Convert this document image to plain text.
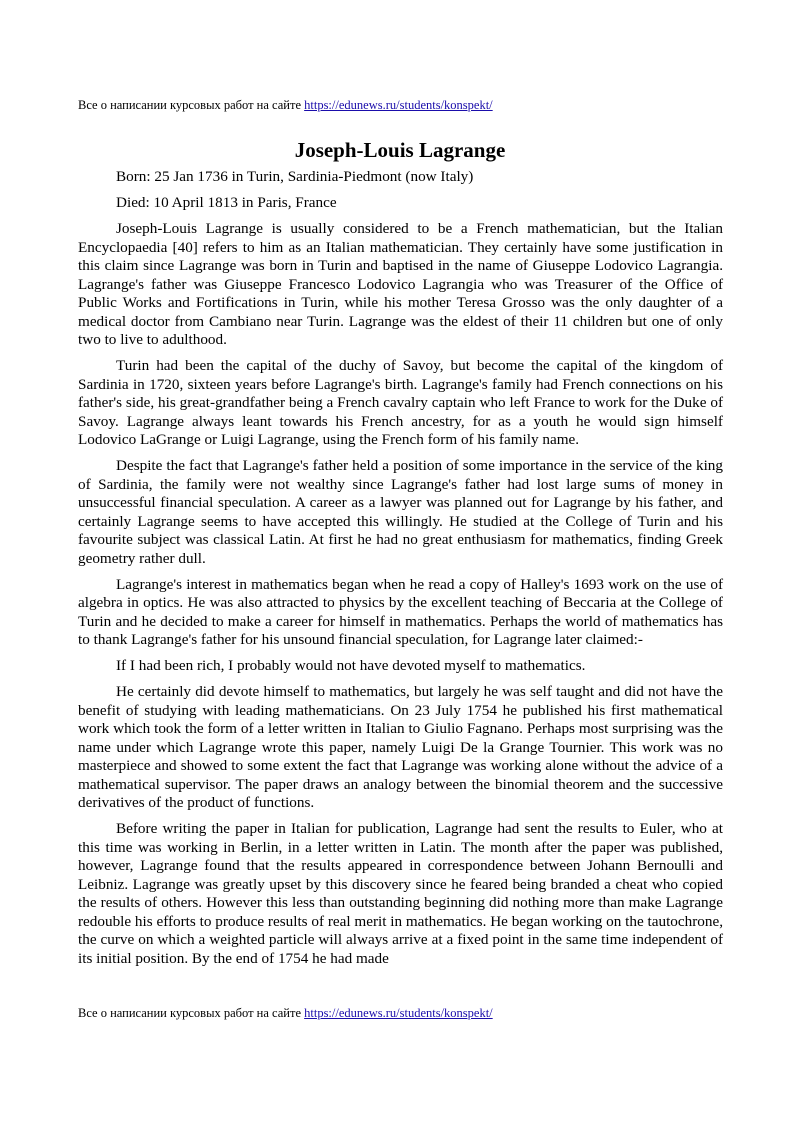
Все о написании курсовых работ на сайте https://edunews.ru/students/konspekt/
Joseph-Louis Lagrange

Born: 25 Jan 1736 in Turin, Sardinia-Piedmont (now Italy)

Died: 10 April 1813 in Paris, France

Joseph-Louis Lagrange is usually considered to be a French mathematician, but the Italian Encyclopaedia [40] refers to him as an Italian mathematician. They certainly have some justification in this claim since Lagrange was born in Turin and baptised in the name of Giuseppe Lodovico Lagrangia. Lagrange's father was Giuseppe Francesco Lodovico Lagrangia who was Treasurer of the Office of Public Works and Fortifications in Turin, while his mother Teresa Grosso was the only daughter of a medical doctor from Cambiano near Turin. Lagrange was the eldest of their 11 children but one of only two to live to adulthood.

Turin had been the capital of the duchy of Savoy, but become the capital of the kingdom of Sardinia in 1720, sixteen years before Lagrange's birth. Lagrange's family had French connections on his father's side, his great-grandfather being a French cavalry captain who left France to work for the Duke of Savoy. Lagrange always leant towards his French ancestry, for as a youth he would sign himself Lodovico LaGrange or Luigi Lagrange, using the French form of his family name.

Despite the fact that Lagrange's father held a position of some importance in the service of the king of Sardinia, the family were not wealthy since Lagrange's father had lost large sums of money in unsuccessful financial speculation. A career as a lawyer was planned out for Lagrange by his father, and certainly Lagrange seems to have accepted this willingly. He studied at the College of Turin and his favourite subject was classical Latin. At first he had no great enthusiasm for mathematics, finding Greek geometry rather dull.

Lagrange's interest in mathematics began when he read a copy of Halley's 1693 work on the use of algebra in optics. He was also attracted to physics by the excellent teaching of Beccaria at the College of Turin and he decided to make a career for himself in mathematics. Perhaps the world of mathematics has to thank Lagrange's father for his unsound financial speculation, for Lagrange later claimed:-

If I had been rich, I probably would not have devoted myself to mathematics.

He certainly did devote himself to mathematics, but largely he was self taught and did not have the benefit of studying with leading mathematicians. On 23 July 1754 he published his first mathematical work which took the form of a letter written in Italian to Giulio Fagnano. Perhaps most surprising was the name under which Lagrange wrote this paper, namely Luigi De la Grange Tournier. This work was no masterpiece and showed to some extent the fact that Lagrange was working alone without the advice of a mathematical supervisor. The paper draws an analogy between the binomial theorem and the successive derivatives of the product of functions.

Before writing the paper in Italian for publication, Lagrange had sent the results to Euler, who at this time was working in Berlin, in a letter written in Latin. The month after the paper was published, however, Lagrange found that the results appeared in correspondence between Johann Bernoulli and Leibniz. Lagrange was greatly upset by this discovery since he feared being branded a cheat who copied the results of others. However this less than outstanding beginning did nothing more than make Lagrange redouble his efforts to produce results of real merit in mathematics. He began working on the tautochrone, the curve on which a weighted particle will always arrive at a fixed point in the same time independent of its initial position. By the end of 1754 he had made

Все о написании курсовых работ на сайте https://edunews.ru/students/konspekt/
